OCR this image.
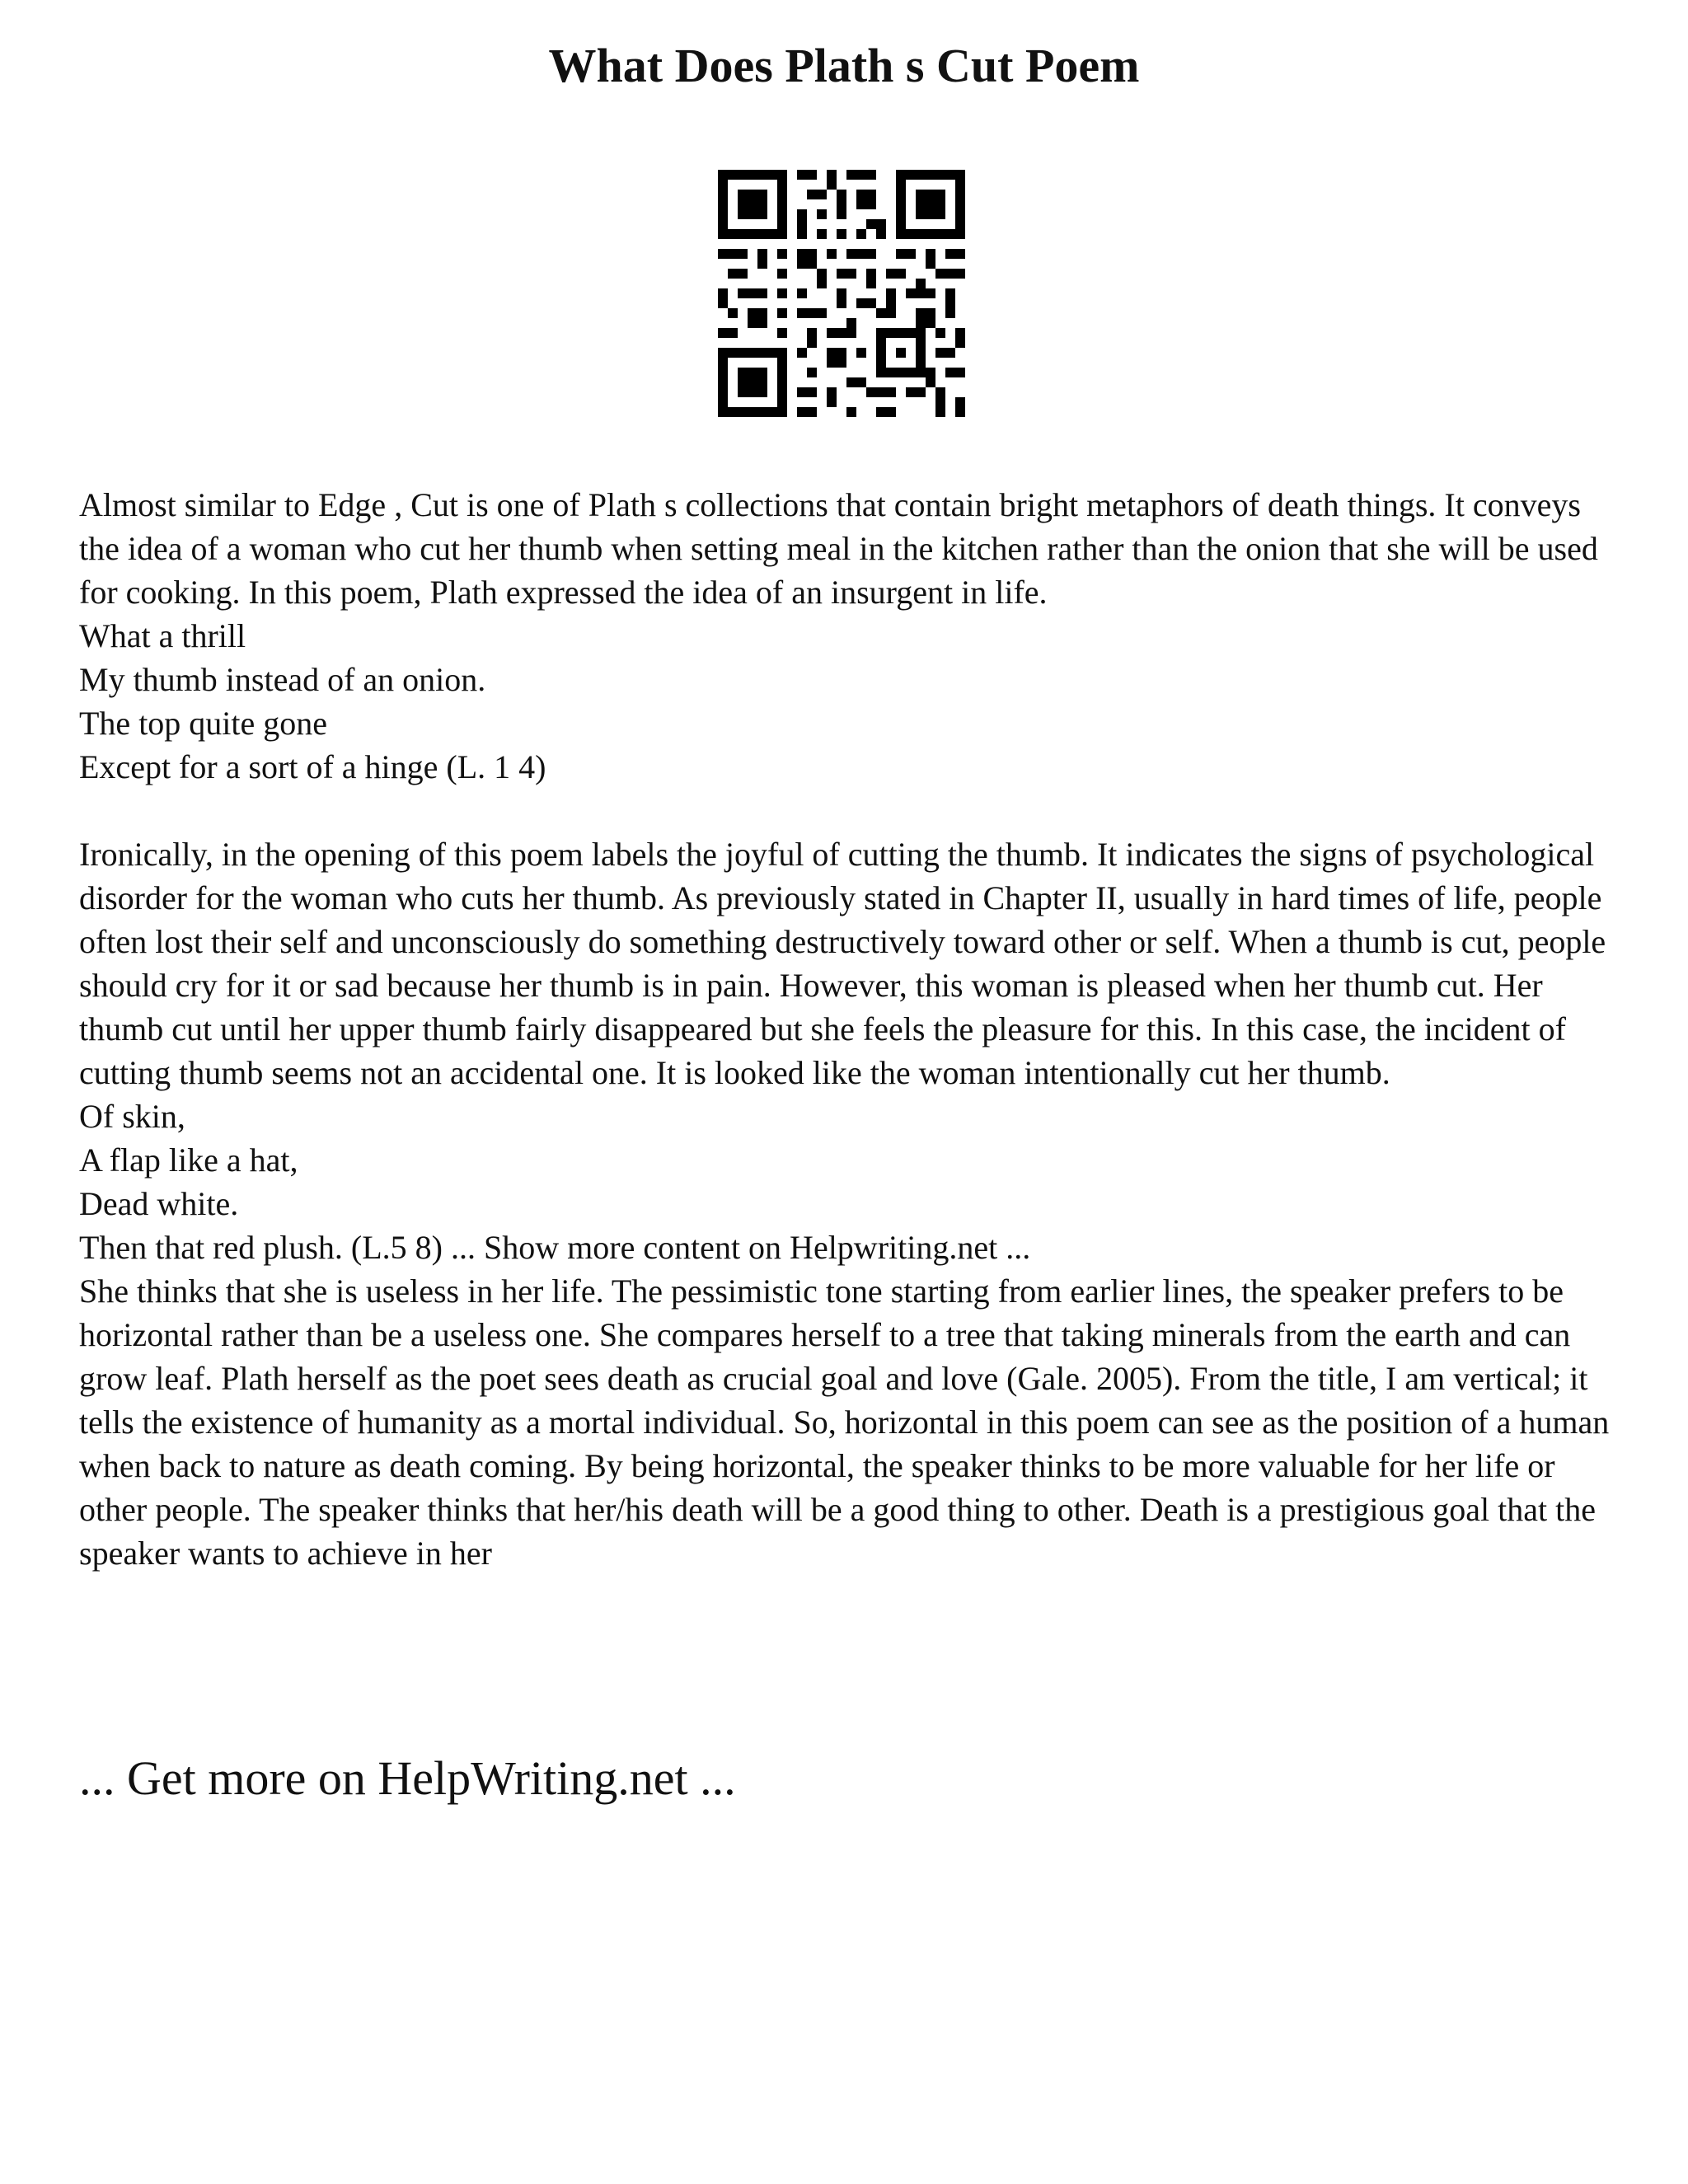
What Does Plath s Cut Poem

Almost similar to Edge , Cut is one of Plath s collections that contain bright metaphors of death things. It conveys the idea of a woman who cut her thumb when setting meal in the kitchen rather than the onion that she will be used for cooking. In this poem, Plath expressed the idea of an insurgent in life.

What a thrill

My thumb instead of an onion.

The top quite gone

Except for a sort of a hinge (L. 1 4)

Ironically, in the opening of this poem labels the joyful of cutting the thumb. It indicates the signs of psychological disorder for the woman who cuts her thumb. As previously stated in Chapter II, usually in hard times of life, people often lost their self and unconsciously do something destructively toward other or self. When a thumb is cut, people should cry for it or sad because her thumb is in pain. However, this woman is pleased when her thumb cut. Her thumb cut until her upper thumb fairly disappeared but she feels the pleasure for this. In this case, the incident of cutting thumb seems not an accidental one. It is looked like the woman intentionally cut her thumb.

Of skin,

A flap like a hat,

Dead white.

Then that red plush. (L.5 8) ... Show more content on Helpwriting.net ...

She thinks that she is useless in her life. The pessimistic tone starting from earlier lines, the speaker prefers to be horizontal rather than be a useless one. She compares herself to a tree that taking minerals from the earth and can grow leaf. Plath herself as the poet sees death as crucial goal and love (Gale. 2005). From the title, I am vertical; it tells the existence of humanity as a mortal individual. So, horizontal in this poem can see as the position of a human when back to nature as death coming. By being horizontal, the speaker thinks to be more valuable for her life or other people. The speaker thinks that her/his death will be a good thing to other. Death is a prestigious goal that the speaker wants to achieve in her

... Get more on HelpWriting.net ...
